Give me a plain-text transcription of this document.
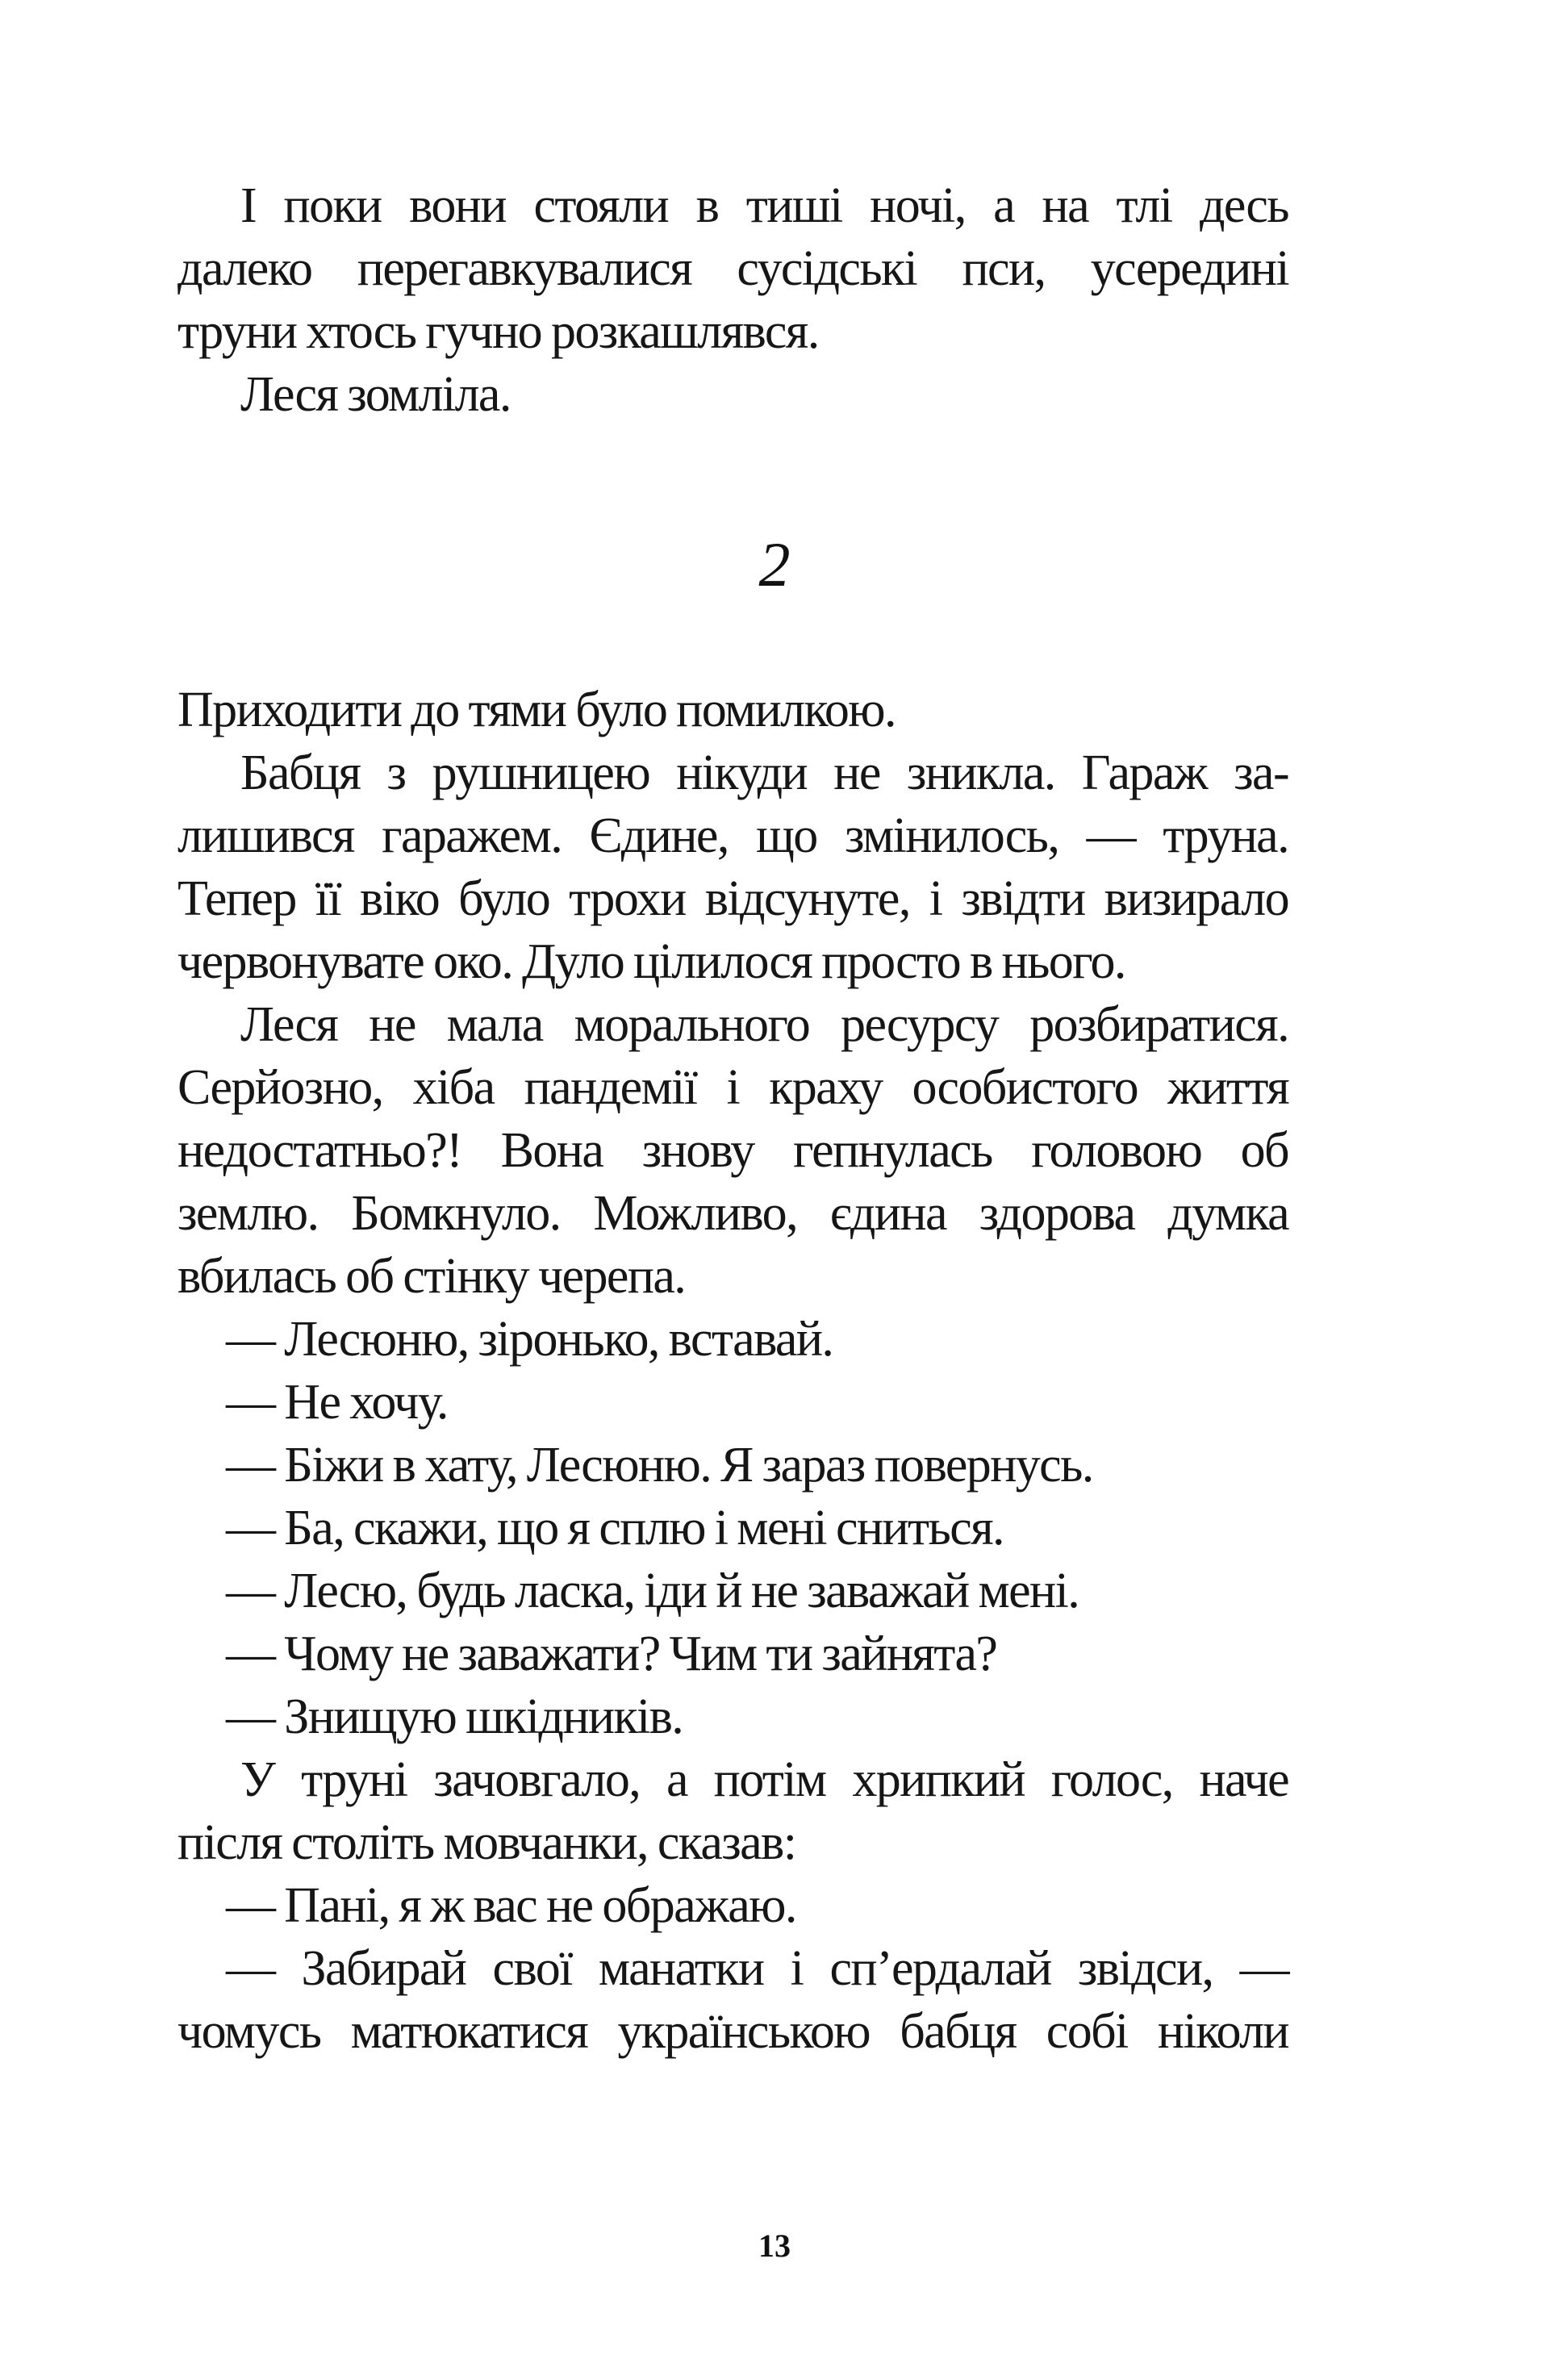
І поки вони стояли в тиші ночі, а на тлі десь
далеко перегавкувалися сусідські пси, усередині
труни хтось гучно розкашлявся.
Леся зомліла.
2
Приходити до тями було помилкою.
Бабця з рушницею нікуди не зникла. Гараж за-
лишився гаражем. Єдине, що змінилось, — труна.
Тепер її віко було трохи відсунуте, і звідти визирало
червонувате око. Дуло цілилося просто в нього.
Леся не мала морального ресурсу розбиратися.
Серйозно, хіба пандемії і краху особистого життя
недостатньо?! Вона знову гепнулась головою об
землю. Бомкнуло. Можливо, єдина здорова думка
вбилась об стінку черепа.
— Лесюню, зіронько, вставай.
— Не хочу.
— Біжи в хату, Лесюню. Я зараз повернусь.
— Ба, скажи, що я сплю і мені сниться.
— Лесю, будь ласка, іди й не заважай мені.
— Чому не заважати? Чим ти зайнята?
— Знищую шкідників.
У труні зачовгало, а потім хрипкий голос, наче
після століть мовчанки, сказав:
— Пані, я ж вас не ображаю.
— Забирай свої манатки і сп’ердалай звідси, —
чомусь матюкатися українською бабця собі ніколи
13
